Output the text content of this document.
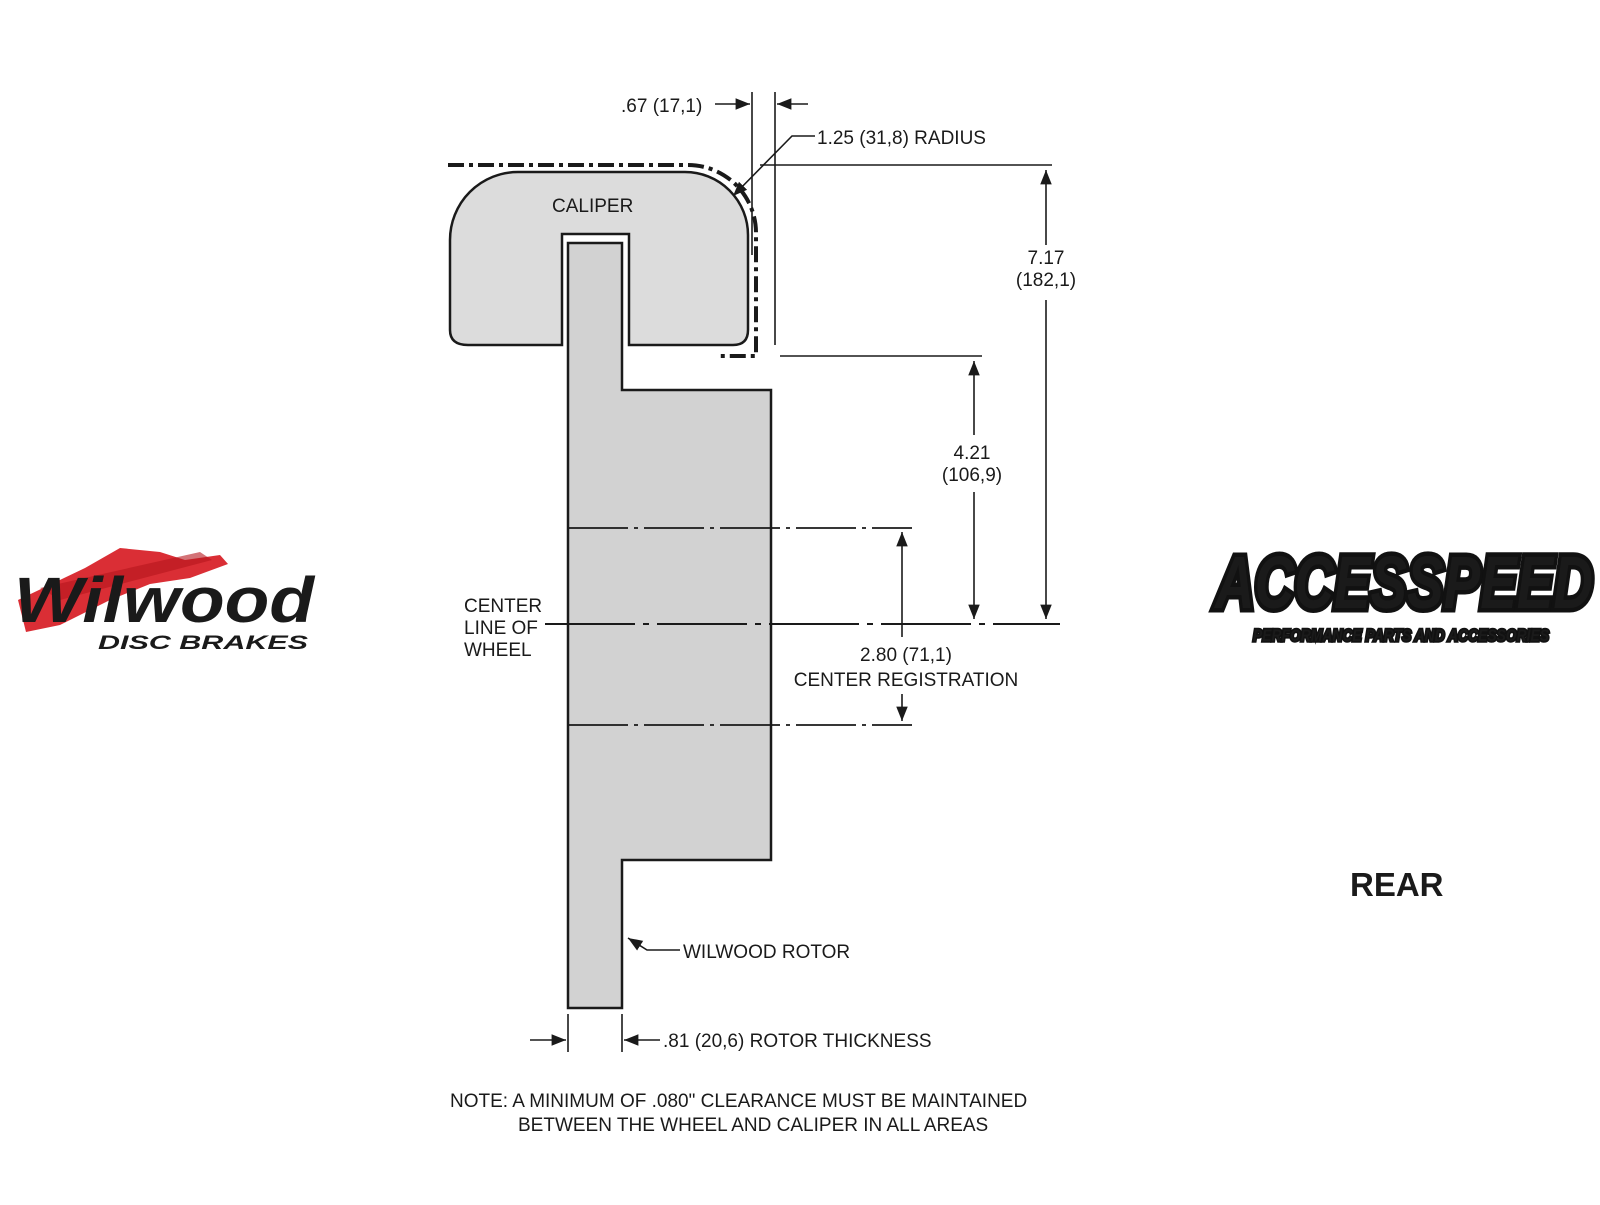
Wilwood
DISC BRAKES
ACCESSPEED
PERFORMANCE PARTS AND ACCESSORIES
CALIPER
CENTER
LINE OF
WHEEL
.67 (17,1)
1.25 (31,8) RADIUS
7.17
(182,1)
4.21
(106,9)
2.80 (71,1)
CENTER REGISTRATION
WILWOOD ROTOR
.81 (20,6) ROTOR THICKNESS
NOTE: A MINIMUM OF .080" CLEARANCE MUST BE MAINTAINED
BETWEEN THE WHEEL AND CALIPER IN ALL AREAS
REAR
